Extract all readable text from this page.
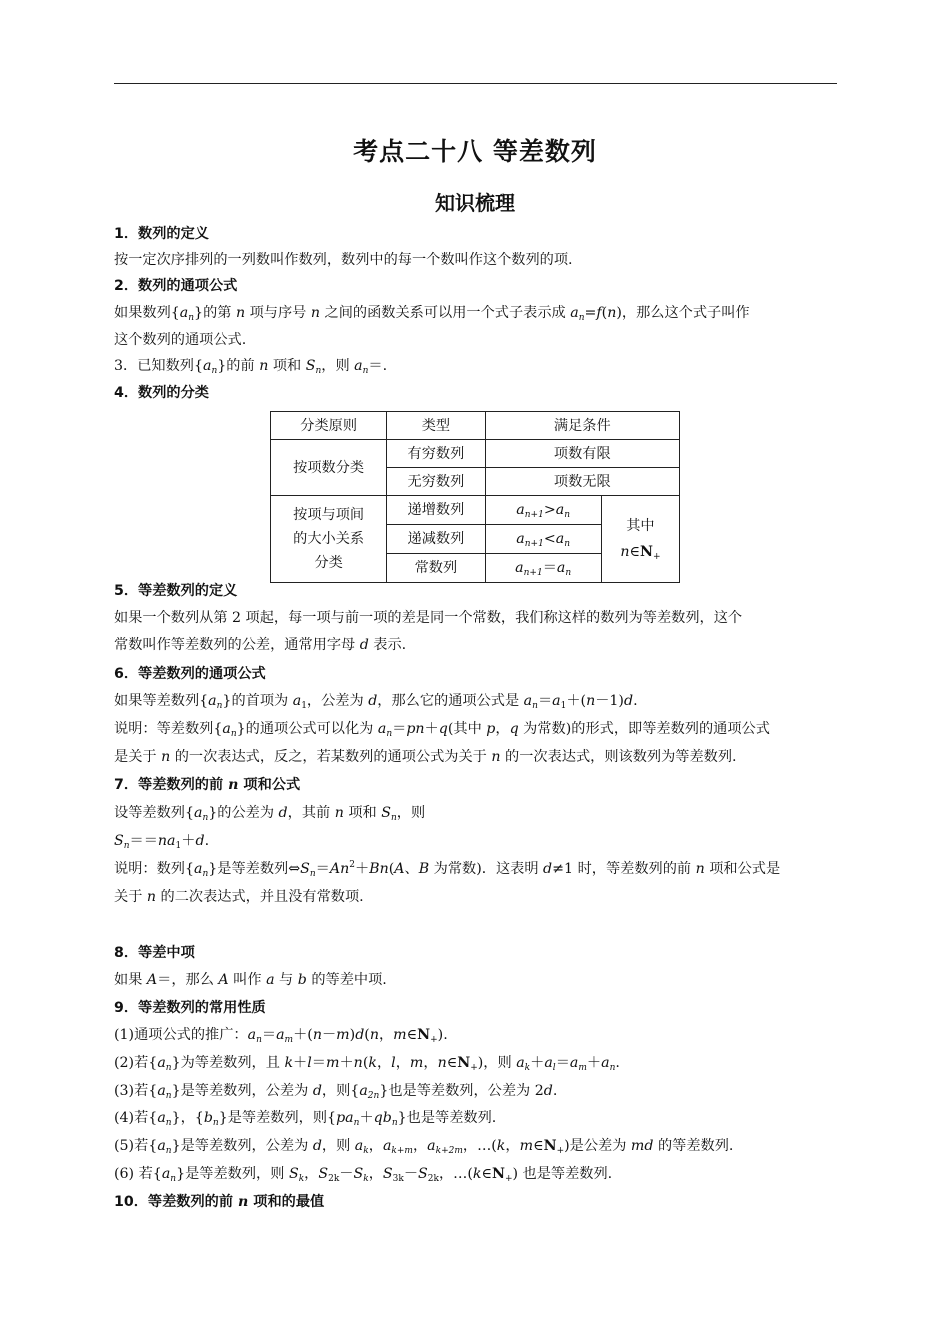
考点二十八 等差数列
知识梳理
1．数列的定义
按一定次序排列的一列数叫作数列，数列中的每一个数叫作这个数列的项.
2．数列的通项公式
如果数列$\{a_n\}$的第 n 项与序号 n 之间的函数关系可以用一个式子表示成 $a_n=f(n)$，那么这个式子叫作
这个数列的通项公式.
3．已知数列$\{a_n\}$的前 n 项和 $S_n$，则 $a_n=$.
4．数列的分类
分类原则	类型	满足条件	
按项数分类	有穷数列	项数有限	
	无穷数列	项数无限	
按项与项间
的大小关系
分类	递增数列	$a_{n+1}>a_n$	其中
$n\in N_+$
	递减数列	$a_{n+1}<a_n$
	常数列	$a_{n+1}=a_n$
5．等差数列的定义
如果一个数列从第 2 项起，每一项与前一项的差是同一个常数，我们称这样的数列为等差数列，这个
常数叫作等差数列的公差，通常用字母 d 表示.
6．等差数列的通项公式
如果等差数列$\{a_n\}$的首项为 $a_1$，公差为 d，那么它的通项公式是 $a_n=a_1+(n-1)d$.
说明：等差数列$\{a_n\}$的通项公式可以化为 $a_n=pn+q$(其中 p，q 为常数)的形式，即等差数列的通项公式
是关于 n 的一次表达式，反之，若某数列的通项公式为关于 n 的一次表达式，则该数列为等差数列.
7．等差数列的前 n 项和公式
设等差数列$\{a_n\}$的公差为 d，其前 n 项和 $S_n$，则
$S_n==na_1+d$.
说明：数列$\{a_n\}$是等差数列$\Leftrightarrow S_n=An^2+Bn(A$、B 为常数)．这表明 d≠1 时，等差数列的前 n 项和公式是
关于 n 的二次表达式，并且没有常数项.
8．等差中项
如果 A＝，那么 A 叫作 a 与 b 的等差中项.
9．等差数列的常用性质
(1)通项公式的推广：$a_n=a_m+(n-m)d(n$，$m\in N_+$).
(2)若$\{a_n\}$为等差数列，且 k＋l＝m＋n(k，l，m，$n\in N_+$)，则 $a_k+a_l=a_m+a_n$.
(3)若$\{a_n\}$是等差数列，公差为 d，则$\{a_{2n}\}$也是等差数列，公差为 2d.
(4)若$\{a_n\}$，$\{b_n\}$是等差数列，则$\{pa_n+qb_n\}$也是等差数列.
(5)若$\{a_n\}$是等差数列，公差为 d，则 $a_k$，$a_{k+m}$，$a_{k+2m}$，…(k，$m\in N_+$)是公差为 md 的等差数列.
(6) 若$\{a_n\}$是等差数列，则 $S_k$，$S_{2k}-S_k$，$S_{3k}-S_{2k}$，$\dots(k\in N_+)$ 也是等差数列.
10．等差数列的前 n 项和的最值
